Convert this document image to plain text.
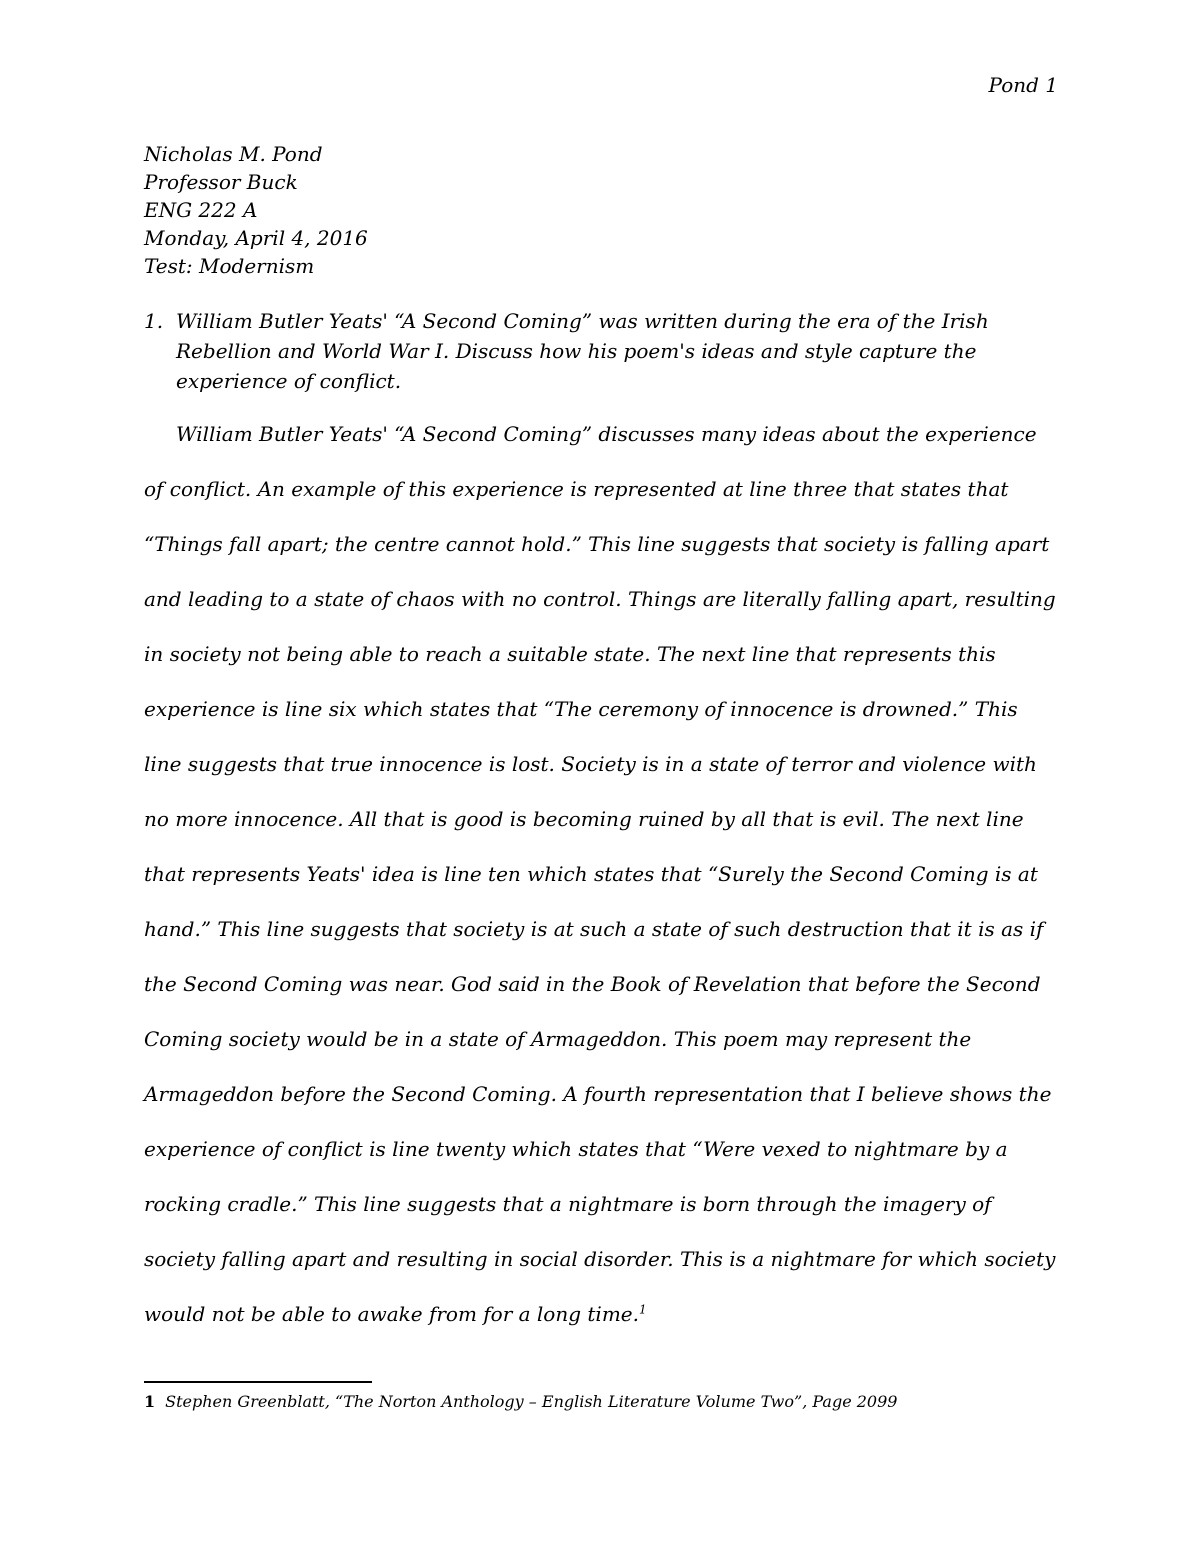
Pond 1
Nicholas M. Pond
Professor Buck
ENG 222 A
Monday, April 4, 2016
Test: Modernism
1. William Butler Yeats' “A Second Coming” was written during the era of the Irish Rebellion and World War I. Discuss how his poem's ideas and style capture the experience of conflict.
William Butler Yeats' “A Second Coming” discusses many ideas about the experience of conflict. An example of this experience is represented at line three that states that “Things fall apart; the centre cannot hold.” This line suggests that society is falling apart and leading to a state of chaos with no control. Things are literally falling apart, resulting in society not being able to reach a suitable state. The next line that represents this experience is line six which states that “The ceremony of innocence is drowned.” This line suggests that true innocence is lost. Society is in a state of terror and violence with no more innocence. All that is good is becoming ruined by all that is evil. The next line that represents Yeats' idea is line ten which states that “Surely the Second Coming is at hand.” This line suggests that society is at such a state of such destruction that it is as if the Second Coming was near. God said in the Book of Revelation that before the Second Coming society would be in a state of Armageddon. This poem may represent the Armageddon before the Second Coming. A fourth representation that I believe shows the experience of conflict is line twenty which states that “Were vexed to nightmare by a rocking cradle.” This line suggests that a nightmare is born through the imagery of society falling apart and resulting in social disorder. This is a nightmare for which society would not be able to awake from for a long time.$^1$
1 Stephen Greenblatt, “The Norton Anthology – English Literature Volume Two”, Page 2099
